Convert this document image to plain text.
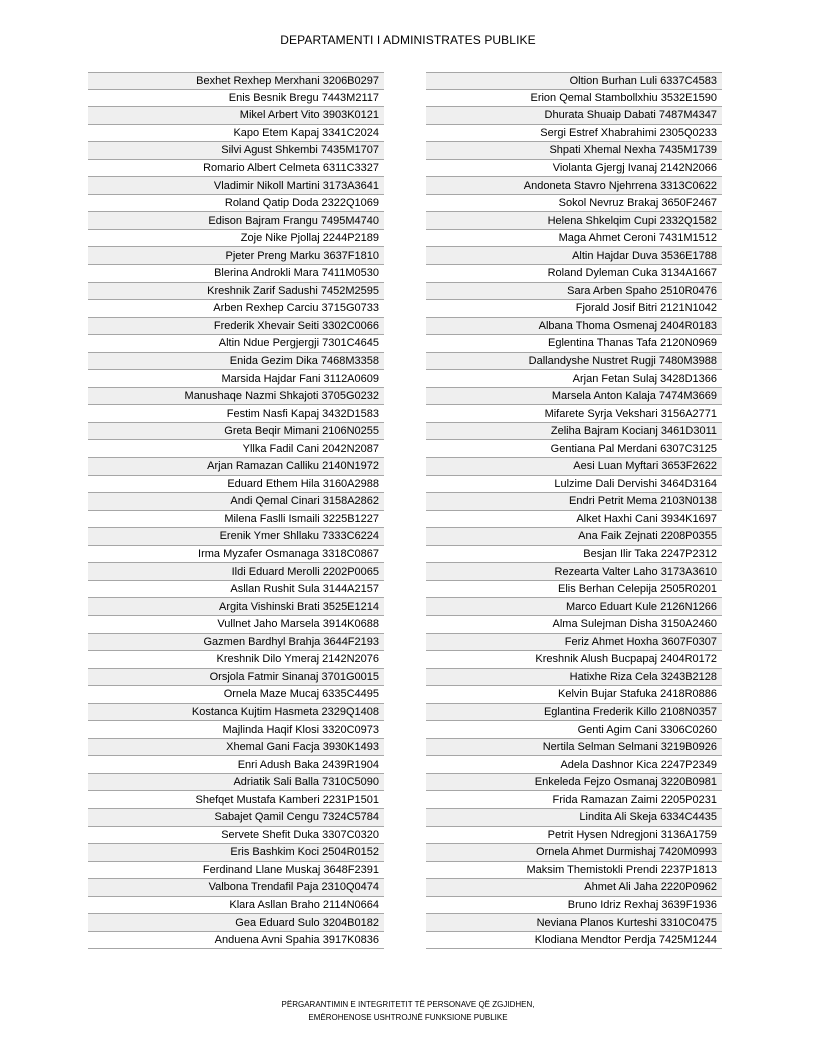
DEPARTAMENTI I ADMINISTRATES PUBLIKE
Bexhet Rexhep Merxhani 3206B0297
Enis Besnik Bregu 7443M2117
Mikel Arbert Vito 3903K0121
Kapo Etem Kapaj 3341C2024
Silvi Agust Shkembi 7435M1707
Romario Albert Celmeta 6311C3327
Vladimir Nikoll Martini 3173A3641
Roland Qatip Doda 2322Q1069
Edison Bajram Frangu 7495M4740
Zoje Nike Pjollaj 2244P2189
Pjeter Preng Marku 3637F1810
Blerina Androkli Mara 7411M0530
Kreshnik Zarif Sadushi 7452M2595
Arben Rexhep Carciu 3715G0733
Frederik Xhevair Seiti 3302C0066
Altin Ndue Pergjergji 7301C4645
Enida Gezim Dika 7468M3358
Marsida Hajdar Fani 3112A0609
Manushaqe Nazmi Shkajoti 3705G0232
Festim Nasfi Kapaj 3432D1583
Greta Beqir Mimani 2106N0255
Yllka Fadil Cani 2042N2087
Arjan Ramazan Calliku 2140N1972
Eduard Ethem Hila 3160A2988
Andi Qemal Cinari 3158A2862
Milena Faslli Ismaili 3225B1227
Erenik Ymer Shllaku 7333C6224
Irma Myzafer Osmanaga 3318C0867
Ildi Eduard Merolli 2202P0065
Asllan Rushit Sula 3144A2157
Argita Vishinski Brati 3525E1214
Vullnet Jaho Marsela 3914K0688
Gazmen Bardhyl Brahja 3644F2193
Kreshnik Dilo Ymeraj 2142N2076
Orsjola Fatmir Sinanaj 3701G0015
Ornela Maze Mucaj 6335C4495
Kostanca Kujtim Hasmeta 2329Q1408
Majlinda Haqif Klosi 3320C0973
Xhemal Gani Facja 3930K1493
Enri Adush Baka 2439R1904
Adriatik Sali Balla 7310C5090
Shefqet Mustafa Kamberi 2231P1501
Sabajet Qamil Cengu 7324C5784
Servete Shefit Duka 3307C0320
Eris Bashkim Koci 2504R0152
Ferdinand Llane Muskaj 3648F2391
Valbona Trendafil Paja 2310Q0474
Klara Asllan Braho 2114N0664
Gea Eduard Sulo 3204B0182
Anduena Avni Spahia 3917K0836
Oltion Burhan Luli 6337C4583
Erion Qemal Stambollxhiu 3532E1590
Dhurata Shuaip Dabati 7487M4347
Sergi Estref Xhabrahimi 2305Q0233
Shpati Xhemal Nexha 7435M1739
Violanta Gjergj Ivanaj 2142N2066
Andoneta Stavro Njehrrena 3313C0622
Sokol Nevruz Brakaj 3650F2467
Helena Shkelqim Cupi 2332Q1582
Maga Ahmet Ceroni 7431M1512
Altin Hajdar Duva 3536E1788
Roland Dyleman Cuka 3134A1667
Sara Arben Spaho 2510R0476
Fjorald Josif Bitri 2121N1042
Albana Thoma Osmenaj 2404R0183
Eglentina Thanas Tafa 2120N0969
Dallandyshe Nustret Rugji 7480M3988
Arjan Fetan Sulaj 3428D1366
Marsela Anton Kalaja 7474M3669
Mifarete Syrja Vekshari 3156A2771
Zeliha Bajram Kocianj 3461D3011
Gentiana Pal Merdani 6307C3125
Aesi Luan Myftari 3653F2622
Lulzime Dali Dervishi 3464D3164
Endri Petrit Mema 2103N0138
Alket Haxhi Cani 3934K1697
Ana Faik Zejnati 2208P0355
Besjan Ilir Taka 2247P2312
Rezearta Valter Laho 3173A3610
Elis Berhan Celepija 2505R0201
Marco Eduart Kule 2126N1266
Alma Sulejman Disha 3150A2460
Feriz Ahmet Hoxha 3607F0307
Kreshnik Alush Bucpapaj 2404R0172
Hatixhe Riza Cela 3243B2128
Kelvin Bujar Stafuka 2418R0886
Eglantina Frederik Killo 2108N0357
Genti Agim Cani 3306C0260
Nertila Selman Selmani 3219B0926
Adela Dashnor Kica 2247P2349
Enkeleda Fejzo Osmanaj 3220B0981
Frida Ramazan Zaimi 2205P0231
Lindita Ali Skeja 6334C4435
Petrit Hysen Ndregjoni 3136A1759
Ornela Ahmet Durmishaj 7420M0993
Maksim Themistokli Prendi 2237P1813
Ahmet Ali Jaha 2220P0962
Bruno Idriz Rexhaj 3639F1936
Neviana Planos Kurteshi 3310C0475
Klodiana Mendtor Perdja 7425M1244
PËRGARANTIMIN E INTEGRITETIT TË PERSONAVE QË ZGJIDHEN,
EMËROHENOSE USHTROJNË FUNKSIONE PUBLIKE
